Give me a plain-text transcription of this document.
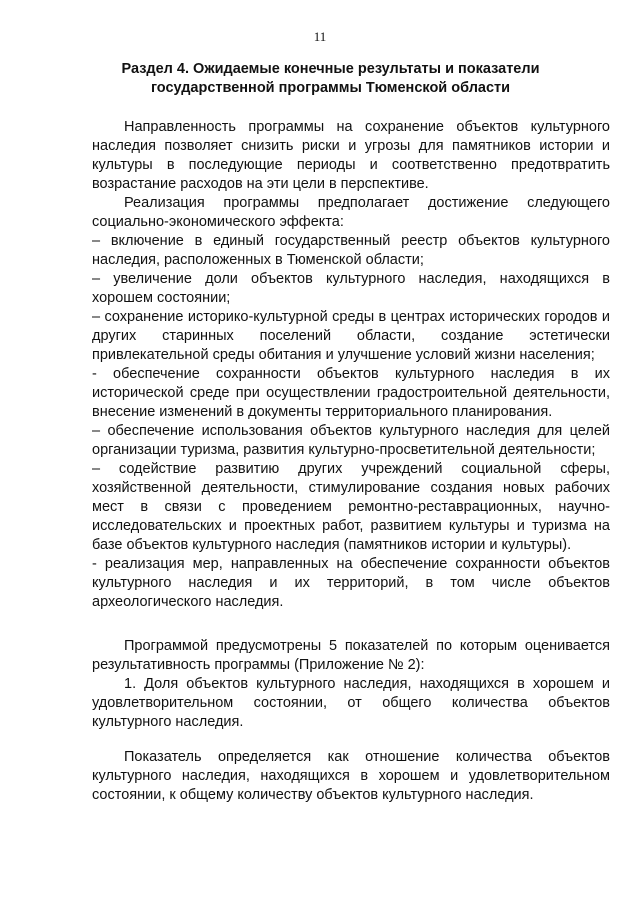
11
Раздел 4. Ожидаемые конечные результаты и показатели
государственной программы Тюменской области

Направленность программы на сохранение объектов культурного наследия позволяет снизить риски и угрозы для памятников истории и культуры в последующие периоды и соответственно предотвратить возрастание расходов на эти цели в перспективе.

Реализация программы предполагает достижение следующего социально-экономического эффекта:

– включение в единый государственный реестр объектов культурного наследия, расположенных в Тюменской области;

– увеличение доли объектов культурного наследия, находящихся в хорошем состоянии;

– сохранение историко-культурной среды в центрах исторических городов и других старинных поселений области, создание эстетически привлекательной среды обитания и улучшение условий жизни населения;

- обеспечение сохранности объектов культурного наследия в их исторической среде при осуществлении градостроительной деятельности, внесение изменений в документы территориального планирования.

– обеспечение использования объектов культурного наследия для целей организации туризма, развития культурно-просветительной деятельности;

– содействие развитию других учреждений социальной сферы, хозяйственной деятельности, стимулирование создания новых рабочих мест в связи с проведением ремонтно-реставрационных, научно-исследовательских и проектных работ, развитием культуры и туризма на базе объектов культурного наследия (памятников истории и культуры).

- реализация мер, направленных на обеспечение сохранности объектов культурного наследия и их территорий, в том числе объектов археологического наследия.

Программой предусмотрены 5 показателей по которым оценивается результативность программы (Приложение № 2):

1. Доля объектов культурного наследия, находящихся в хорошем и удовлетворительном состоянии, от общего количества объектов культурного наследия.

Показатель определяется как отношение количества объектов культурного наследия, находящихся в хорошем и удовлетворительном состоянии, к общему количеству объектов культурного наследия.
